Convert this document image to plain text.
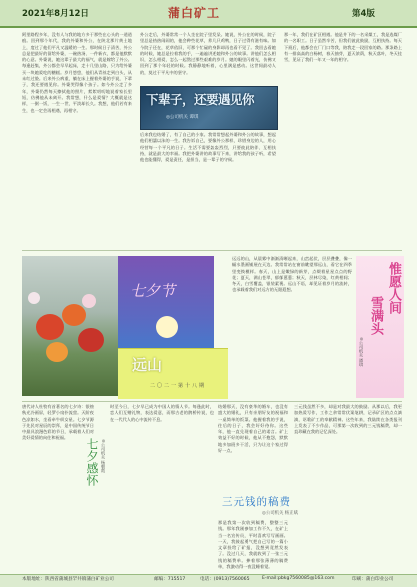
2021年8月12日	蒲白矿工	第4版
阿里路程多年，没有人与我的地方多于那些在心头的一道道痕。回到那个年代，我的外婆和外公，在陕北那片黄土地上，度过了他们平凡又温暖的一生。那时候日子清苦，外公总是把最好的留给外婆，一碗热汤、一件新衣，都是他默默的心意。外婆说，她这辈子最大的福气，就是嫁给了外公。每逢赶集，外公都会早早起床，走十几里山路，只为给外婆买一块她爱吃的糖糕。岁月悠悠，他们从青丝走到白头，从未红过脸。后来外公病重，躺在床上握着外婆的手说，下辈子，我还要遇见你。外婆哭得像个孩子。如今外公走了多年，外婆仍然每天擦拭他的照片，絮絮叨叨地说着家长里短，仿佛他从未离开。我常想，什么是爱情？大概就是这样，一粥一饭，一生一世，平淡却长久。我想，他们若有来生，也一定会再相遇，再相守。
外公走后，外婆常常一个人坐在院子里发呆。她说，外公在的时候，院子里总是热热闹闹的，他会种些花草，养几只鸡鸭，日子过得有滋有味。如今院子还在，花草依旧，可那个忙碌的身影却再也看不见了。我回去看她的时候，她总是拉着我的手，一遍遍讲述她和外公的故事。讲他们怎么相识，怎么相爱，怎么一起熬过那些艰难的岁月。她的眼里闪着光，仿佛又回到了那个年轻的时候。我静静地听着，心里满是感动。这世间最动人的，莫过于平凡中的坚守。
下辈子，还要遇见你
◎公司机关 谭琪
后来我也结婚了，有了自己的小家。我常常想起外婆和外公的故事，想起他们相濡以沫的一生。我告诉自己，要像外公那样，珍惜身边的人，用心经营每一个平凡的日子。生活不需要轰轰烈烈，只要彼此陪伴、互相扶持，就是最大的幸福。我把外婆讲的故事写下来，讲给我的孩子听，希望他也能懂得，爱是责任，是担当，是一辈子的守候。
那一年，我们在矿区相遇。他是井下的一名采煤工，我是选煤厂的一名职工。日子虽然辛苦，但我们彼此鼓励，互相扶持。每天下班后，他都会在厂门口等我，陪我走一段回家的路。那条路上有一排高高的白杨树，春天抽芽，夏天浓荫，秋天落叶，冬天挂雪，见证了我们一年又一年的相守。
七夕节
远山
二〇二一第十八期
远远的山，从晨雾中渐渐清晰起来，山峦起伏，层层叠叠，像一幅水墨画铺展在天边。我常常站在窗前眺望那远山，看它在四季里变换模样。春天，山上是嫩绿的新芽，点缀着星星点点的野花；夏天，满山苍翠，郁郁葱葱；秋天，层林尽染，红黄相间；冬天，白雪覆盖，银装素裹。远山不语，却见证着岁月的流转，也承载着我们对远方的无限遐想。	惟愿人间
雪满头
◎公司机关 谭琪
唐代诗人杜牧有首著名的七夕诗：银烛秋光冷画屏，轻罗小扇扑流萤。天阶夜色凉如水，坐看牵牛织女星。七夕节源于先民对星辰的崇拜，是中国传统节日中最具浪漫色彩的节日，承载着人们对美好爱情的向往和祝福。
七夕感怀 ◎公司机关 杨朝霞
时至今日，七夕早已成为中国人的情人节。每逢此时，恋人们互赠礼物，表达爱意，而那古老的鹊桥传说，也在一代代人的心中流传不息。
结婚那天，没有豪华的婚车，也没有盛大的婚礼，只有亲朋好友的祝福和一桌简单的饭菜。他握着我的手说，往后的日子，我会好好待你。这些年，他一直兑现着自己的诺言。矿上效益不好的时候，他从不抱怨，默默地多加班多干活，只为让这个家过得好一点。
三元钱的稿费
◎公司机关 杨正斌
那是我第一次收到稿费，整整三元钱。那年我刚参加工作不久，在矿上当一名宣传员，平时喜欢写写画画。一天，我鼓起勇气把自己写的一篇小文章投给了矿报，没想到竟然发表了。没过几天，我就收到了一张三元钱的稿费单。捧着那张薄薄的稿费单，我激动得一夜没睡着觉。
三元钱虽然不多，却是对我最大的鼓励。从那以后，我更加热爱写作，工作之余常常伏案笔耕，记录矿区的点点滴滴，讴歌矿工的奉献精神。这些年来，我陆续在各类报刊上发表了不少作品，可那第一次收到的三元钱稿费，却一直珍藏在我的记忆深处。
本版地址：陕西省蒲城县罕井镇蒲白矿业公司	邮编：715517	电话：(0913)7560065	E-mail:pbkg7560085@163.com	印刷：蒲白印业公司
